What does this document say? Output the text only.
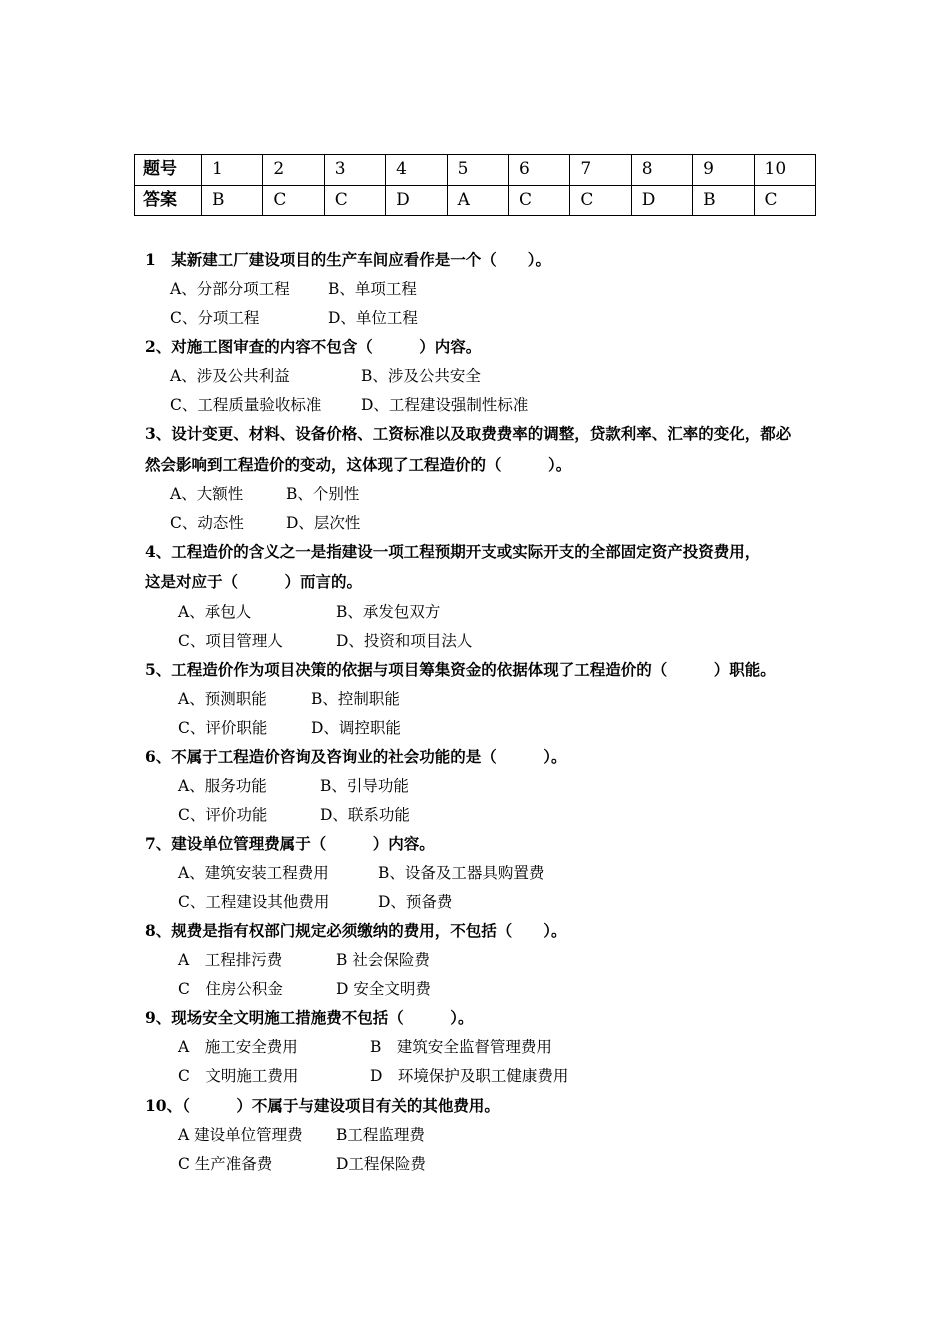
题号	1	2	3	4	5	6	7	8	9	10
答案	B	C	C	D	A	C	C	D	B	C
1　某新建工厂建设项目的生产车间应看作是一个（　　）。
A、分部分项工程 B、单项工程
C、分项工程	D、单位工程
2、对施工图审查的内容不包含（　　　）内容。
A、涉及公共利益	B、涉及公共安全
C、工程质量验收标准	D、工程建设强制性标准
3、设计变更、材料、设备价格、工资标准以及取费费率的调整，贷款利率、汇率的变化，都必
然会影响到工程造价的变动，这体现了工程造价的（　　　）。
A、大额性	B、个别性
C、动态性	D、层次性
4、工程造价的含义之一是指建设一项工程预期开支或实际开支的全部固定资产投资费用，
这是对应于（　　　）而言的。
A、承包人	B、承发包双方
C、项目管理人	D、投资和项目法人
5、工程造价作为项目决策的依据与项目筹集资金的依据体现了工程造价的（　　　）职能。
A、预测职能	B、控制职能
C、评价职能	D、调控职能
6、不属于工程造价咨询及咨询业的社会功能的是（　　　）。
A、服务功能	B、引导功能
C、评价功能	D、联系功能
7、建设单位管理费属于（　　　）内容。
A、建筑安装工程费用	B、设备及工器具购置费
C、工程建设其他费用	D、预备费
8、规费是指有权部门规定必须缴纳的费用，不包括（　　）。
A　工程排污费	B 社会保险费
C　住房公积金	D 安全文明费
9、现场安全文明施工措施费不包括（　　　）。
A　施工安全费用	B　建筑安全监督管理费用
C　文明施工费用	D　环境保护及职工健康费用
10、（　　　）不属于与建设项目有关的其他费用。
A 建设单位管理费 B工程监理费
C 生产准备费	D工程保险费
